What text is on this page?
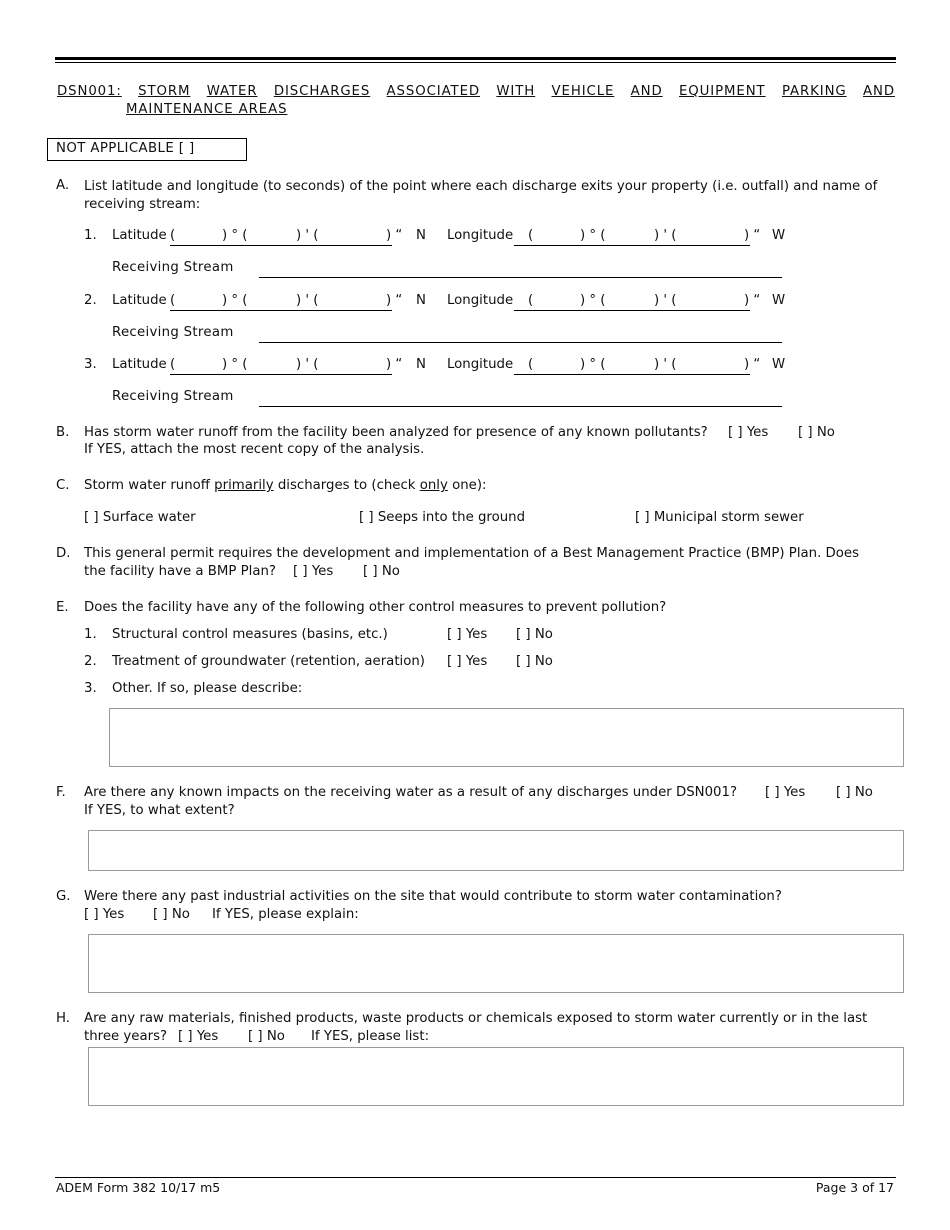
DSN001: STORM WATER DISCHARGES ASSOCIATED WITH VEHICLE AND EQUIPMENT PARKING AND
MAINTENANCE AREAS
NOT APPLICABLE [ ]
A. List latitude and longitude (to seconds) of the point where each discharge exits your property (i.e. outfall) and name of receiving stream:
1. Latitude (	) ° (	) ' (	) “ N Longitude (	) ° (	) ' (	) “ W
Receiving Stream
2. Latitude (	) ° (	) ' (	) “ N Longitude (	) ° (	) ' (	) “ W
Receiving Stream
3. Latitude (	) ° (	) ' (	) “ N Longitude (	) ° (	) ' (	) “ W
Receiving Stream
B. Has storm water runoff from the facility been analyzed for presence of any known pollutants? [ ] Yes [ ] No
If YES, attach the most recent copy of the analysis.
C. Storm water runoff primarily discharges to (check only one):
[ ] Surface water	[ ] Seeps into the ground	[ ] Municipal storm sewer
D. This general permit requires the development and implementation of a Best Management Practice (BMP) Plan. Does
the facility have a BMP Plan? [ ] Yes [ ] No
E. Does the facility have any of the following other control measures to prevent pollution?
1. Structural control measures (basins, etc.)	[ ] Yes [ ] No
2. Treatment of groundwater (retention, aeration) [ ] Yes [ ] No
3. Other. If so, please describe:
F. Are there any known impacts on the receiving water as a result of any discharges under DSN001? [ ] Yes [ ] No
If YES, to what extent?
G. Were there any past industrial activities on the site that would contribute to storm water contamination?
[ ] Yes [ ] No If YES, please explain:
H. Are any raw materials, finished products, waste products or chemicals exposed to storm water currently or in the last
three years? [ ] Yes [ ] No If YES, please list:
ADEM Form 382 10/17 m5	Page 3 of 17
